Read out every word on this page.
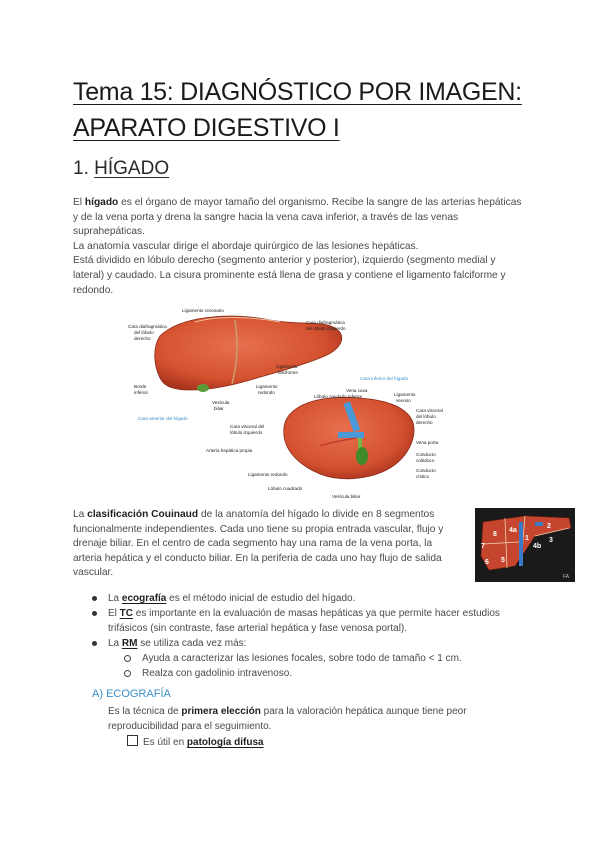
Tema 15: DIAGNÓSTICO POR IMAGEN: APARATO DIGESTIVO I
1. HÍGADO
El hígado es el órgano de mayor tamaño del organismo. Recibe la sangre de las arterias hepáticas y de la vena porta y drena la sangre hacia la vena cava inferior, a través de las venas suprahepáticas.
La anatomía vascular dirige el abordaje quirúrgico de las lesiones hepáticas.
Está dividido en lóbulo derecho (segmento anterior y posterior), izquierdo (segmento medial y lateral) y caudado. La cisura prominente está llena de grasa y contiene el ligamento falciforme y redondo.
Ligamento coronario
Cara diafragmática
del lóbulo
derecho
Cara diafragmática
del lóbulo izquierdo
Ligamento
falciforme
Ligamento
redondo
Borde
inferior
Vesícula
biliar
Cara anterior del hígado
Cara inferior del hígado
Vena cava
inferior
Lóbulo caudado	Ligamento
venoso
Cara visceral
del lóbulo
derecho
Cara visceral del
lóbulo izquierdo
Vena porta
Arteria hepática propia
Conducto
colédoco
Conducto
cístico
Ligamento redondo
Lóbulo cuadrado
Vesícula biliar
La clasificación Couinaud de la anatomía del hígado lo divide en 8 segmentos funcionalmente independientes. Cada uno tiene su propia entrada vascular, flujo y drenaje biliar. En el centro de cada segmento hay una rama de la vena porta, la arteria hepática y el conducto biliar. En la periferia de cada uno hay flujo de salida vascular.
8
7
4a
2
6 5
4b
3
1
FA
La ecografía es el método inicial de estudio del hígado.
El TC es importante en la evaluación de masas hepáticas ya que permite hacer estudios trifásicos (sin contraste, fase arterial hepática y fase venosa portal).
La RM se utiliza cada vez más:
Ayuda a caracterizar las lesiones focales, sobre todo de tamaño < 1 cm.
Realza con gadolinio intravenoso.
A) ECOGRAFÍA
Es la técnica de primera elección para la valoración hepática aunque tiene peor reproducibilidad para el seguimiento.
Es útil en patología difusa
